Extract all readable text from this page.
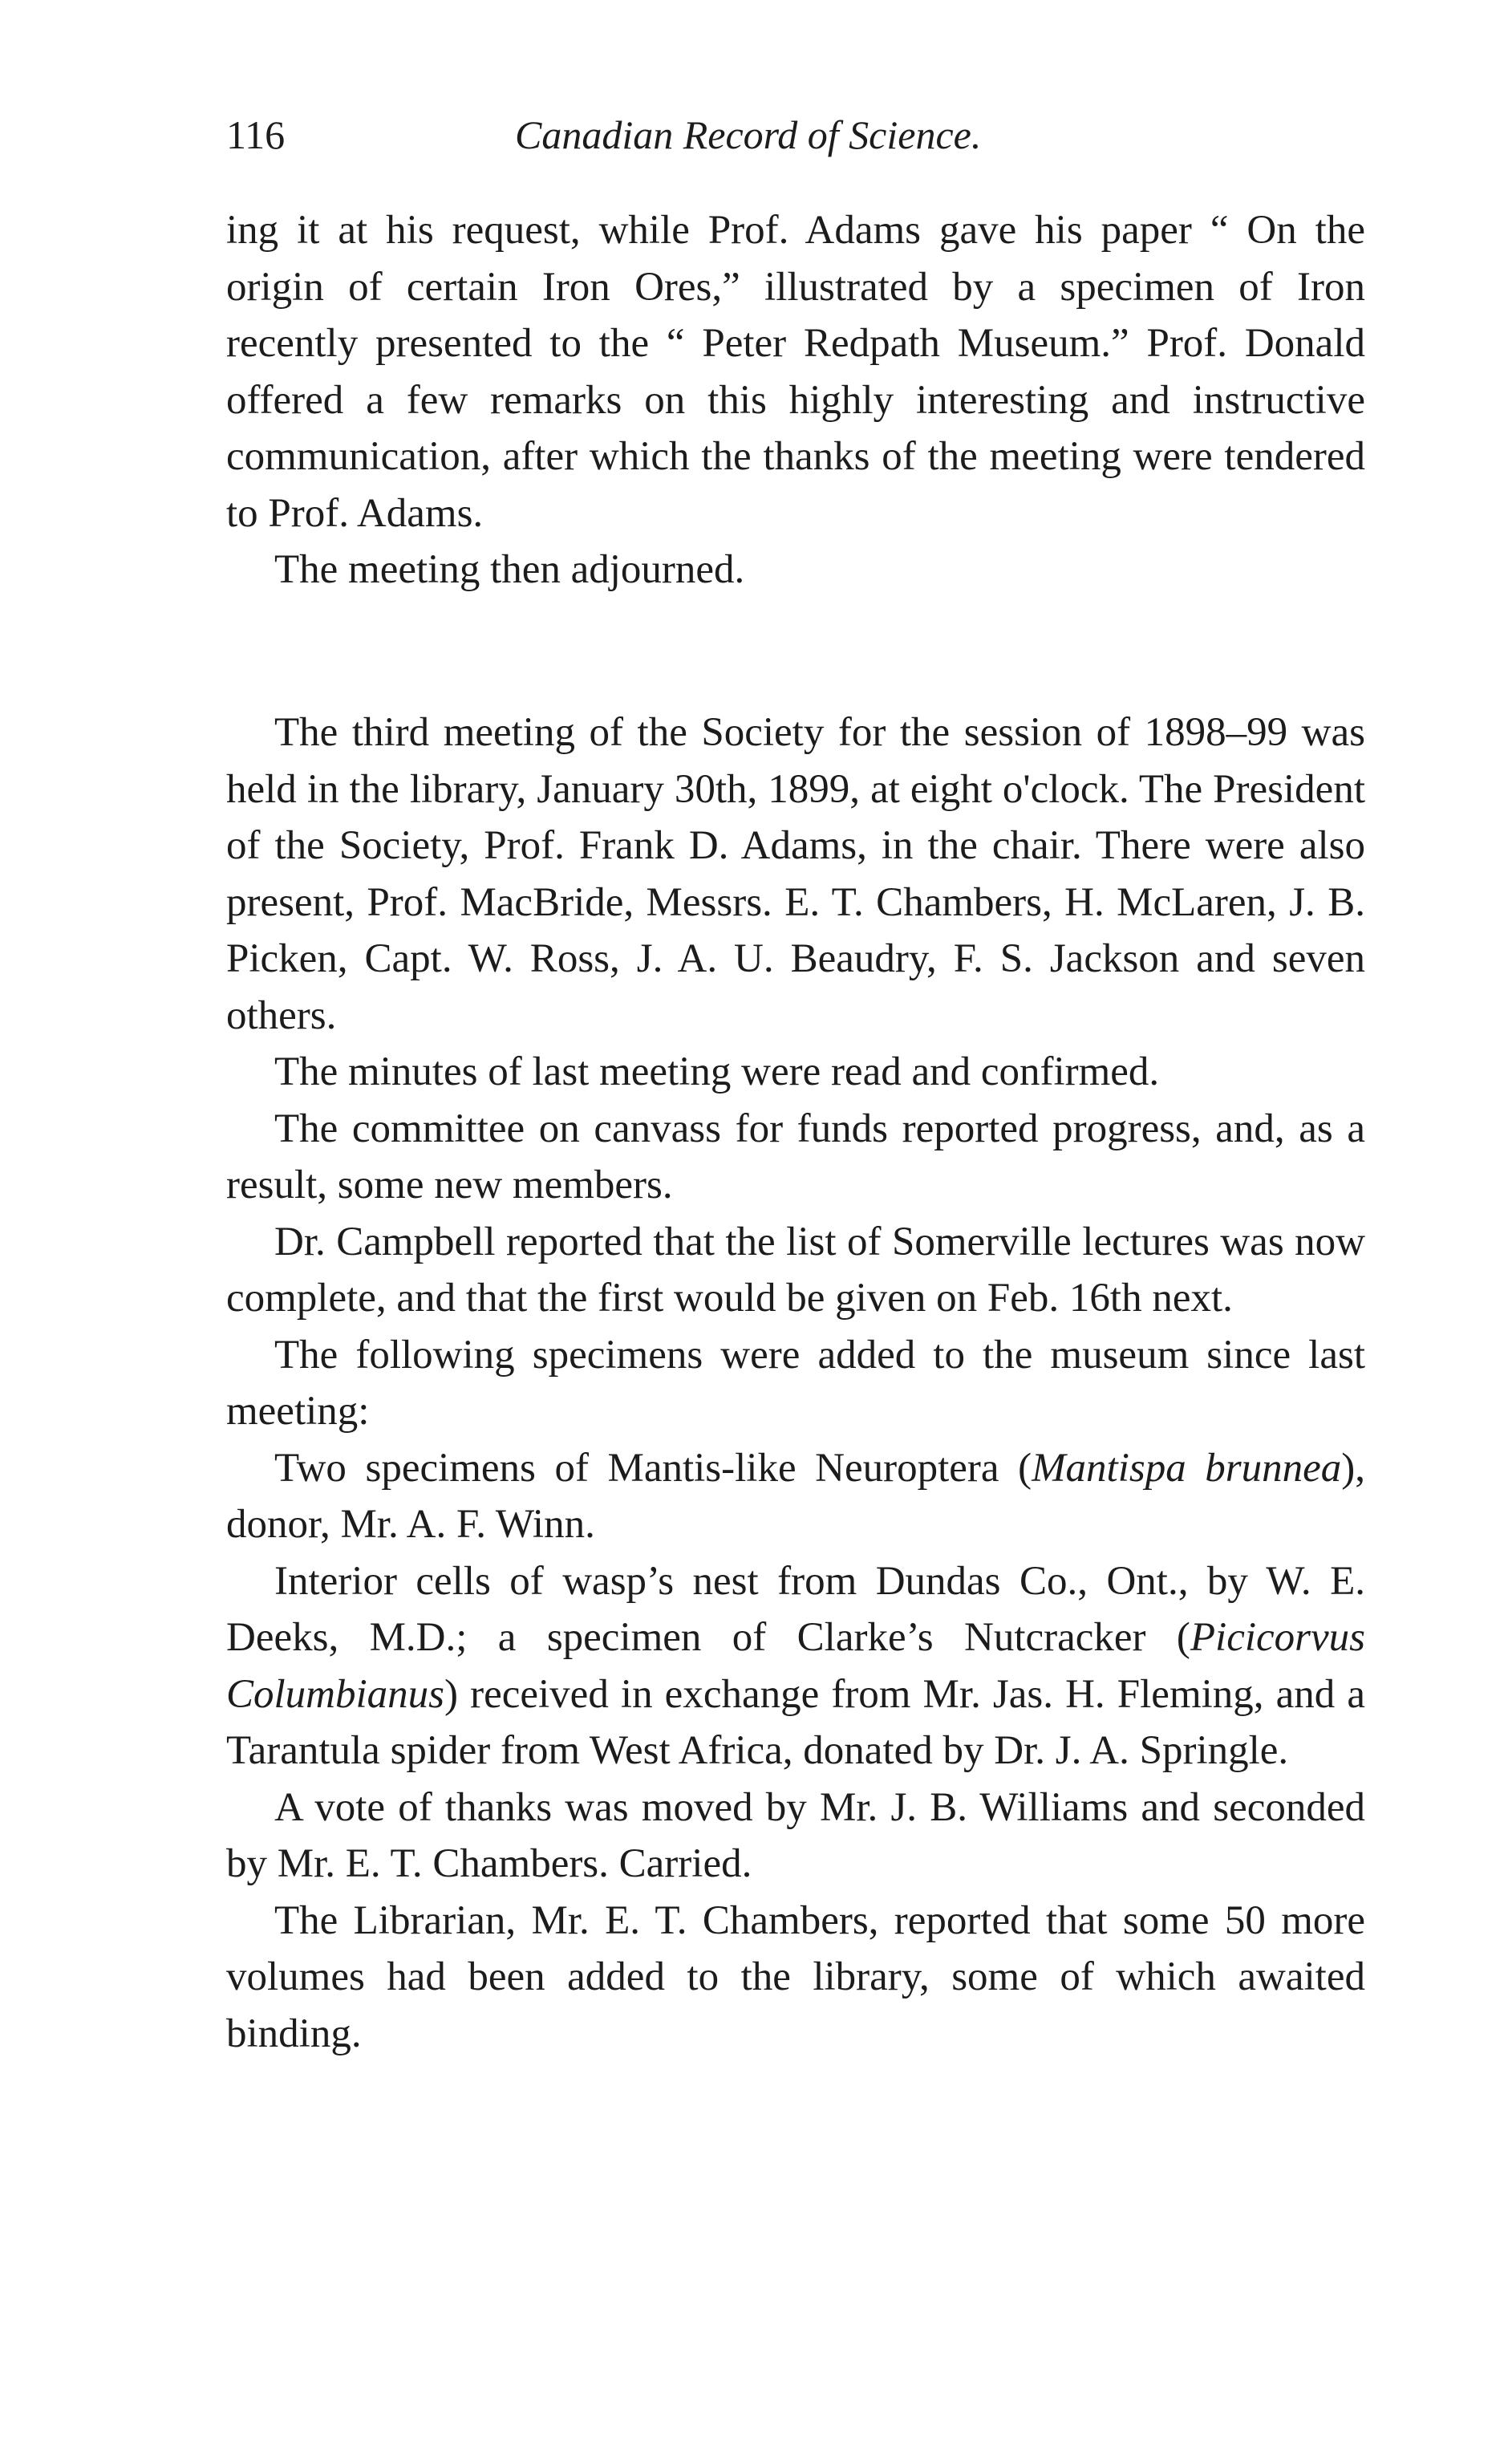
116	Canadian Record of Science.

ing it at his request, while Prof. Adams gave his paper “ On the origin of certain Iron Ores,” illustrated by a specimen of Iron recently presented to the “ Peter Redpath Museum.” Prof. Donald offered a few remarks on this highly interesting and instructive communication, after which the thanks of the meeting were tendered to Prof. Adams.

The meeting then adjourned.

The third meeting of the Society for the session of 1898–99 was held in the library, January 30th, 1899, at eight o'clock. The President of the Society, Prof. Frank D. Adams, in the chair. There were also present, Prof. MacBride, Messrs. E. T. Chambers, H. McLaren, J. B. Picken, Capt. W. Ross, J. A. U. Beaudry, F. S. Jackson and seven others.

The minutes of last meeting were read and confirmed.

The committee on canvass for funds reported progress, and, as a result, some new members.

Dr. Campbell reported that the list of Somerville lectures was now complete, and that the first would be given on Feb. 16th next.

The following specimens were added to the museum since last meeting:

Two specimens of Mantis-like Neuroptera (Mantispa brunnea), donor, Mr. A. F. Winn.

Interior cells of wasp’s nest from Dundas Co., Ont., by W. E. Deeks, M.D.; a specimen of Clarke’s Nutcracker (Picicorvus Columbianus) received in exchange from Mr. Jas. H. Fleming, and a Tarantula spider from West Africa, donated by Dr. J. A. Springle.

A vote of thanks was moved by Mr. J. B. Williams and seconded by Mr. E. T. Chambers. Carried.

The Librarian, Mr. E. T. Chambers, reported that some 50 more volumes had been added to the library, some of which awaited binding.
